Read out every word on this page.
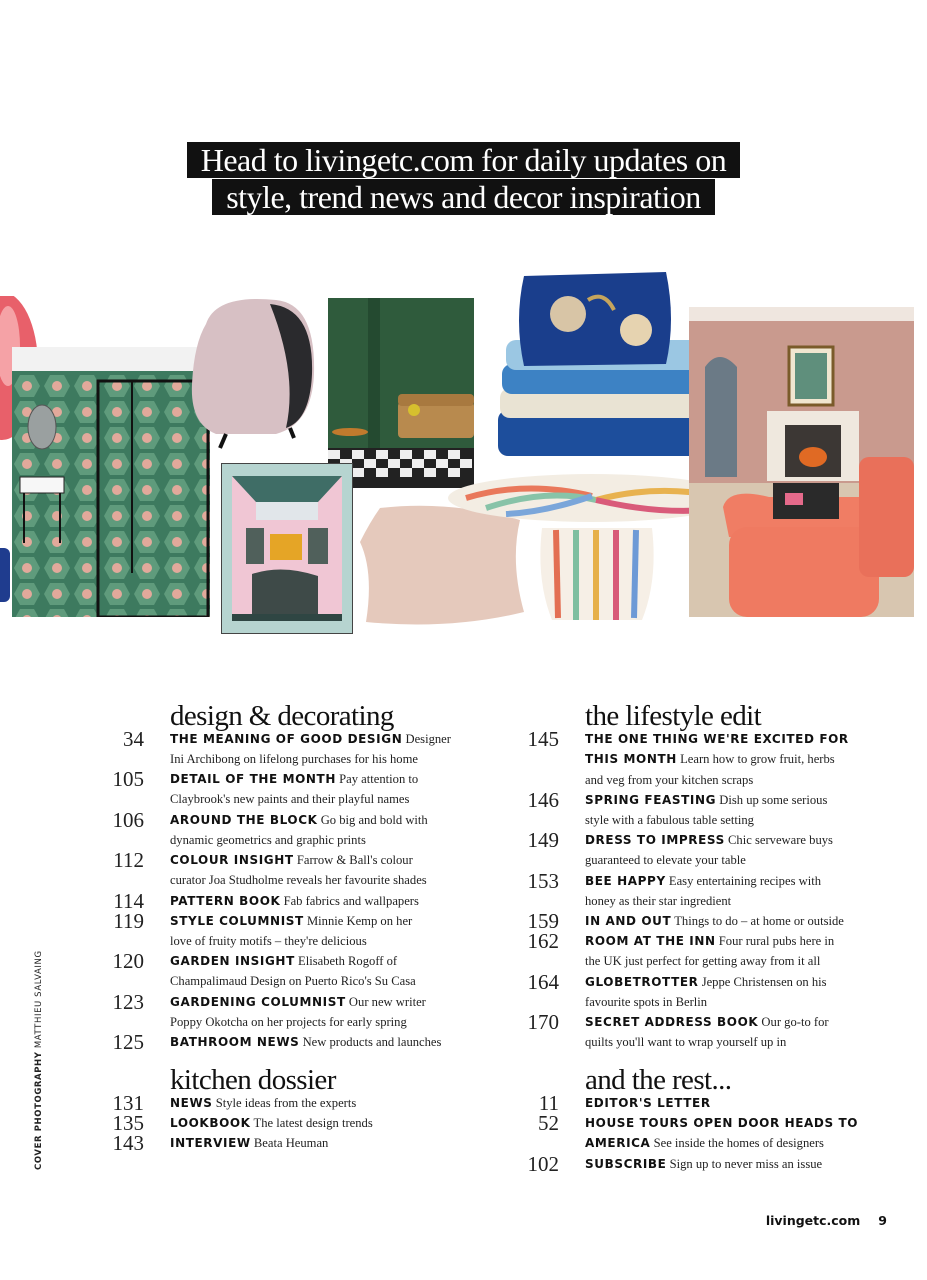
Head to livingetc.com for daily updates on
style, trend news and decor inspiration
design & decorating
34 THE MEANING OF GOOD DESIGN Designer
Ini Archibong on lifelong purchases for his home
105 DETAIL OF THE MONTH Pay attention to
Claybrook's new paints and their playful names
106 AROUND THE BLOCK Go big and bold with
dynamic geometrics and graphic prints
112 COLOUR INSIGHT Farrow & Ball's colour
curator Joa Studholme reveals her favourite shades
114 PATTERN BOOK Fab fabrics and wallpapers
119 STYLE COLUMNIST Minnie Kemp on her
love of fruity motifs – they're delicious
120 GARDEN INSIGHT Elisabeth Rogoff of
Champalimaud Design on Puerto Rico's Su Casa
123 GARDENING COLUMNIST Our new writer
Poppy Okotcha on her projects for early spring
125 BATHROOM NEWS New products and launches
kitchen dossier
131 NEWS Style ideas from the experts
135 LOOKBOOK The latest design trends
143 INTERVIEW Beata Heuman
the lifestyle edit
145 THE ONE THING WE'RE EXCITED FOR
THIS MONTH Learn how to grow fruit, herbs
and veg from your kitchen scraps
146 SPRING FEASTING Dish up some serious
style with a fabulous table setting
149 DRESS TO IMPRESS Chic serveware buys
guaranteed to elevate your table
153 BEE HAPPY Easy entertaining recipes with
honey as their star ingredient
159 IN AND OUT Things to do – at home or outside
162 ROOM AT THE INN Four rural pubs here in
the UK just perfect for getting away from it all
164 GLOBETROTTER Jeppe Christensen on his
favourite spots in Berlin
170 SECRET ADDRESS BOOK Our go-to for
quilts you'll want to wrap yourself up in
and the rest...
11 EDITOR'S LETTER
52 HOUSE TOURS OPEN DOOR HEADS TO
AMERICA See inside the homes of designers
102 SUBSCRIBE Sign up to never miss an issue
COVER PHOTOGRAPHY MATTHIEU SALVAING
livingetc.com 9
